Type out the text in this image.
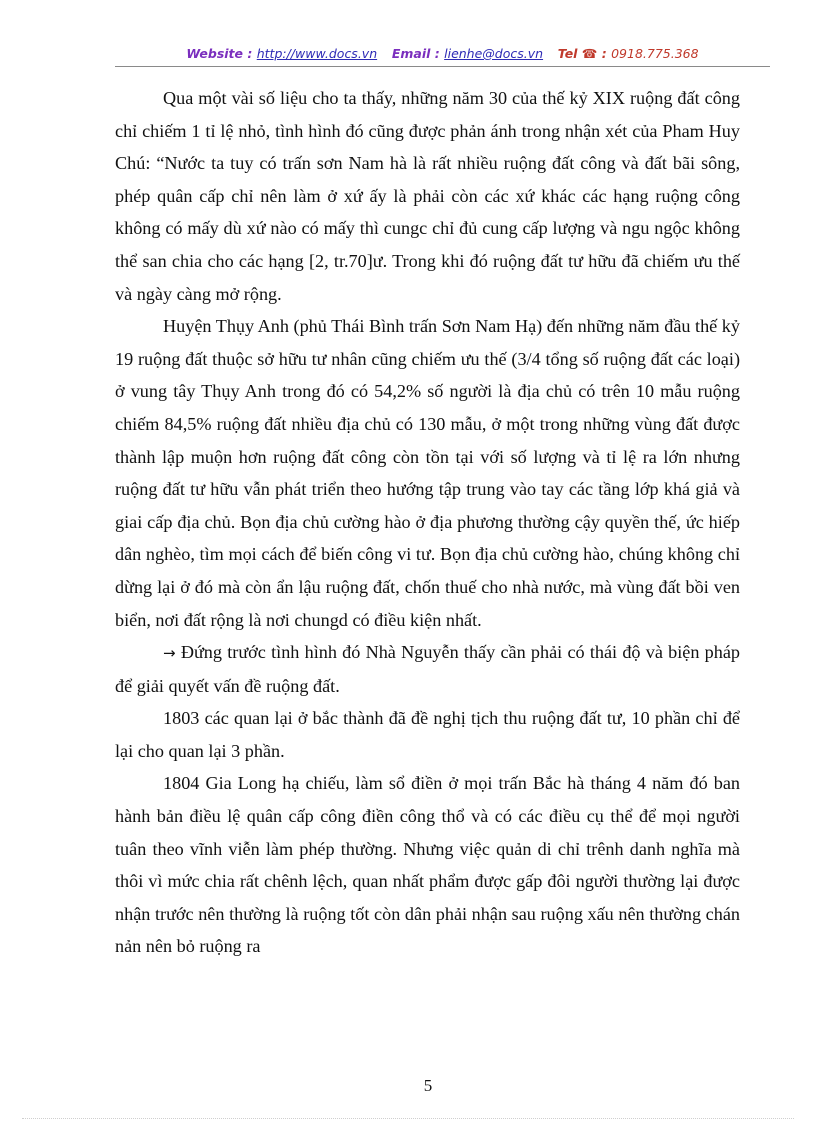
Website : http://www.docs.vn Email : lienhe@docs.vn Tel ☎ : 0918.775.368

Qua một vài số liệu cho ta thấy, những năm 30 của thế kỷ XIX ruộng đất công chỉ chiếm 1 tỉ lệ nhỏ, tình hình đó cũng được phản ánh trong nhận xét của Pham Huy Chú: “Nước ta tuy có trấn sơn Nam hà là rất nhiều ruộng đất công và đất bãi sông, phép quân cấp chỉ nên làm ở xứ ấy là phải còn các xứ khác các hạng ruộng công không có mấy dù xứ nào có mấy thì cungc chỉ đủ cung cấp lượng và ngu ngộc không thể san chia cho các hạng [2, tr.70]ư. Trong khi đó ruộng đất tư hữu đã chiếm ưu thế và ngày càng mở rộng.

Huyện Thụy Anh (phủ Thái Bình trấn Sơn Nam Hạ) đến những năm đầu thế kỷ 19 ruộng đất thuộc sở hữu tư nhân cũng chiếm ưu thế (3/4 tổng số ruộng đất các loại) ở vung tây Thụy Anh trong đó có 54,2% số người là địa chủ có trên 10 mẫu ruộng chiếm 84,5% ruộng đất nhiều địa chủ có 130 mẫu, ở một trong những vùng đất được thành lập muộn hơn ruộng đất công còn tồn tại với số lượng và tỉ lệ ra lớn nhưng ruộng đất tư hữu vẫn phát triển theo hướng tập trung vào tay các tầng lớp khá giả và giai cấp địa chủ. Bọn địa chủ cường hào ở địa phương thường cậy quyền thế, ức hiếp dân nghèo, tìm mọi cách để biến công vi tư. Bọn địa chủ cường hào, chúng không chỉ dừng lại ở đó mà còn ẩn lậu ruộng đất, chốn thuế cho nhà nước, mà vùng đất bồi ven biển, nơi đất rộng là nơi chungd có điều kiện nhất.

→ Đứng trước tình hình đó Nhà Nguyễn thấy cần phải có thái độ và biện pháp để giải quyết vấn đề ruộng đất.

1803 các quan lại ở bắc thành đã đề nghị tịch thu ruộng đất tư, 10 phần chỉ để lại cho quan lại 3 phần.

1804 Gia Long hạ chiếu, làm sổ điền ở mọi trấn Bắc hà tháng 4 năm đó ban hành bản điều lệ quân cấp công điền công thổ và có các điều cụ thể để mọi người tuân theo vĩnh viễn làm phép thường. Nhưng việc quản di chỉ trênh danh nghĩa mà thôi vì mức chia rất chênh lệch, quan nhất phẩm được gấp đôi người thường lại được nhận trước nên thường là ruộng tốt còn dân phải nhận sau ruộng xấu nên thường chán nản nên bỏ ruộng ra

5
